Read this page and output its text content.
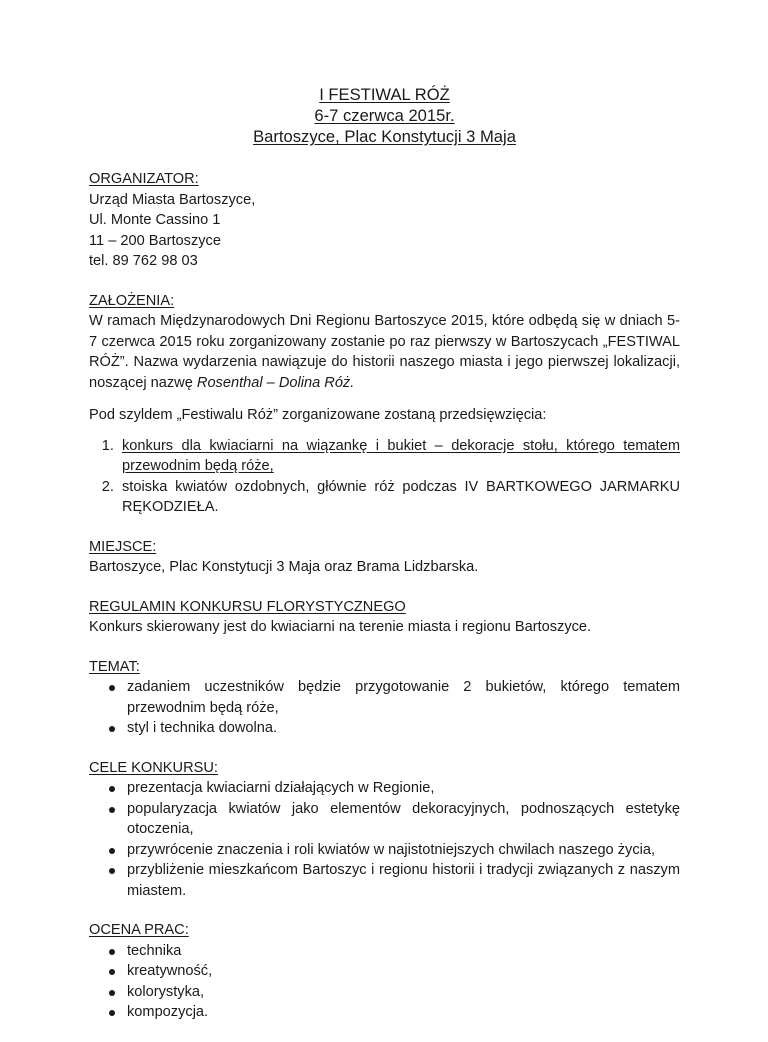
I FESTIWAL RÓŻ
6-7 czerwca 2015r.
Bartoszyce, Plac Konstytucji 3 Maja
ORGANIZATOR:
Urząd Miasta Bartoszyce,
Ul. Monte Cassino 1
11 – 200 Bartoszyce
tel. 89 762 98 03
ZAŁOŻENIA:

W ramach Międzynarodowych Dni Regionu Bartoszyce 2015, które odbędą się w dniach 5-7 czerwca 2015 roku zorganizowany zostanie po raz pierwszy w Bartoszycach „FESTIWAL RÓŻ”. Nazwa wydarzenia nawiązuje do historii naszego miasta i jego pierwszej lokalizacji, noszącej nazwę Rosenthal – Dolina Róż.

Pod szyldem „Festiwalu Róż” zorganizowane zostaną przedsięwzięcia:

1. konkurs dla kwiaciarni na wiązankę i bukiet – dekoracje stołu, którego tematem przewodnim będą róże,
2. stoiska kwiatów ozdobnych, głównie róż podczas IV BARTKOWEGO JARMARKU RĘKODZIEŁA.
MIEJSCE:
Bartoszyce, Plac Konstytucji 3 Maja oraz Brama Lidzbarska.
REGULAMIN KONKURSU FLORYSTYCZNEGO
Konkurs skierowany jest do kwiaciarni na terenie miasta i regionu Bartoszyce.
TEMAT:
zadaniem uczestników będzie przygotowanie 2 bukietów, którego tematem przewodnim będą róże,
styl i technika dowolna.
CELE KONKURSU:
prezentacja kwiaciarni działających w Regionie,
popularyzacja kwiatów jako elementów dekoracyjnych, podnoszących estetykę otoczenia,
przywrócenie znaczenia i roli kwiatów w najistotniejszych chwilach naszego życia,
przybliżenie mieszkańcom Bartoszyc i regionu historii i tradycji związanych z naszym miastem.
OCENA PRAC:
technika
kreatywność,
kolorystyka,
kompozycja.
